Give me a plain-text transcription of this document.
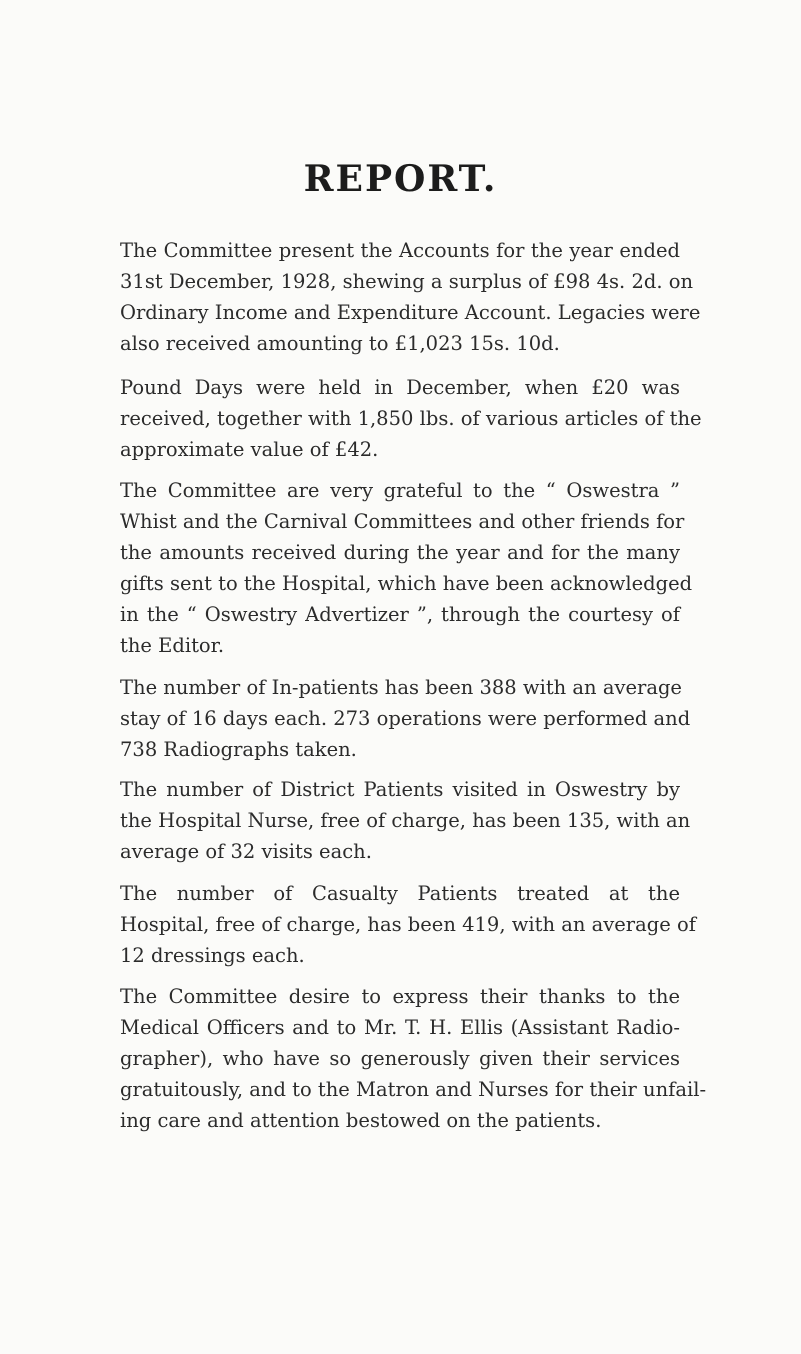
REPORT.
The Committee present the Accounts for the year ended
31st December, 1928, shewing a surplus of £98 4s. 2d. on
Ordinary Income and Expenditure Account. Legacies were
also received amounting to £1,023 15s. 10d.
Pound Days were held in December, when £20 was
received, together with 1,850 lbs. of various articles of the
approximate value of £42.
The Committee are very grateful to the “ Oswestra ”
Whist and the Carnival Committees and other friends for
the amounts received during the year and for the many
gifts sent to the Hospital, which have been acknowledged
in the “ Oswestry Advertizer ”, through the courtesy of
the Editor.
The number of In-patients has been 388 with an average
stay of 16 days each. 273 operations were performed and
738 Radiographs taken.
The number of District Patients visited in Oswestry by
the Hospital Nurse, free of charge, has been 135, with an
average of 32 visits each.
The number of Casualty Patients treated at the
Hospital, free of charge, has been 419, with an average of
12 dressings each.
The Committee desire to express their thanks to the
Medical Officers and to Mr. T. H. Ellis (Assistant Radio-
grapher), who have so generously given their services
gratuitously, and to the Matron and Nurses for their unfail-
ing care and attention bestowed on the patients.
